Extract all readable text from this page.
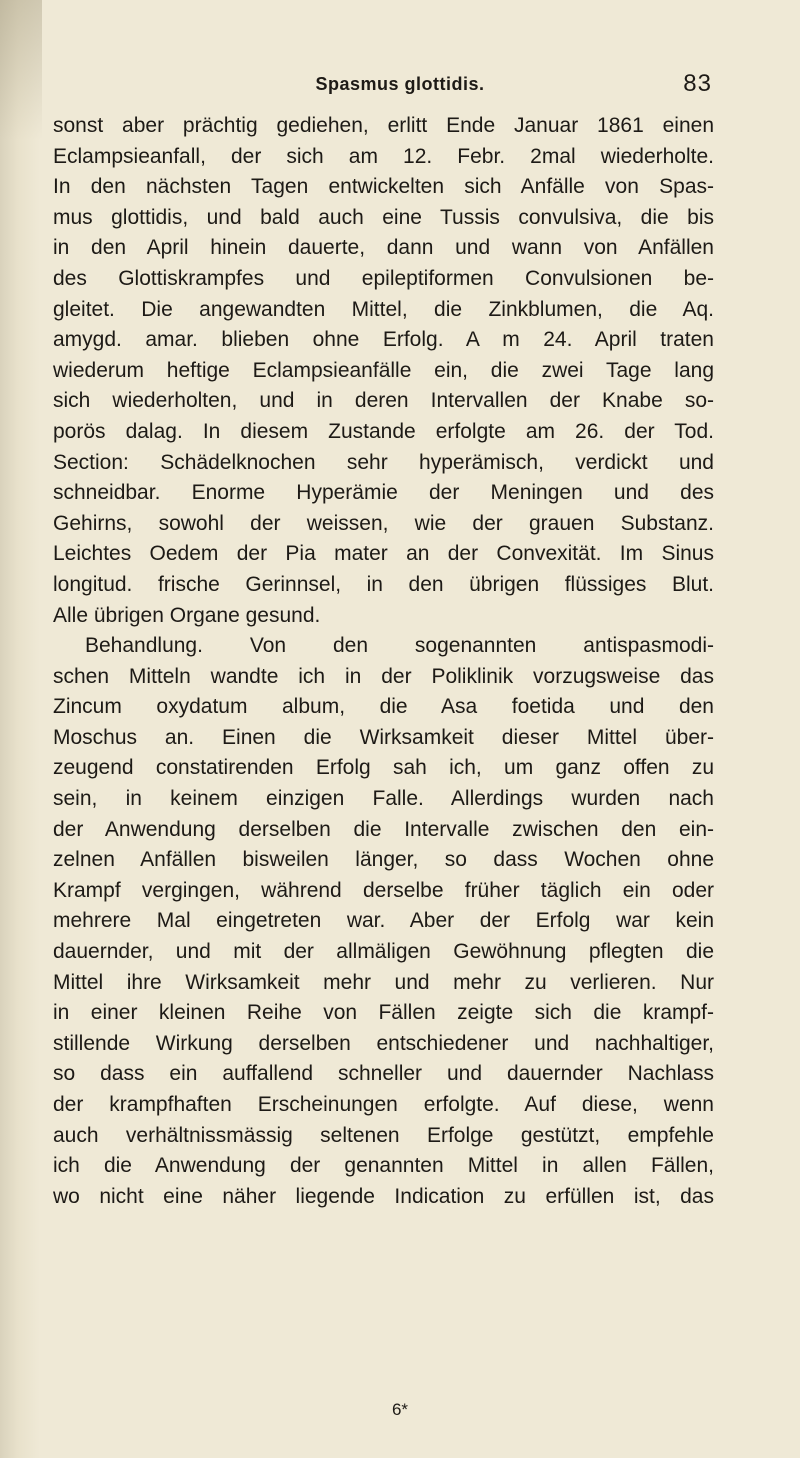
Spasmus glottidis.	83
sonst aber prächtig gediehen, erlitt Ende Januar 1861 einen
Eclampsieanfall, der sich am 12. Febr. 2mal wiederholte.
In den nächsten Tagen entwickelten sich Anfälle von Spas-
mus glottidis, und bald auch eine Tussis convulsiva, die bis
in den April hinein dauerte, dann und wann von Anfällen
des Glottiskrampfes und epileptiformen Convulsionen be-
gleitet. Die angewandten Mittel, die Zinkblumen, die Aq.
amygd. amar. blieben ohne Erfolg. A m 24. April traten
wiederum heftige Eclampsieanfälle ein, die zwei Tage lang
sich wiederholten, und in deren Intervallen der Knabe so-
porös dalag. In diesem Zustande erfolgte am 26. der Tod.
Section: Schädelknochen sehr hyperämisch, verdickt und
schneidbar. Enorme Hyperämie der Meningen und des
Gehirns, sowohl der weissen, wie der grauen Substanz.
Leichtes Oedem der Pia mater an der Convexität. Im Sinus
longitud. frische Gerinnsel, in den übrigen flüssiges Blut.
Alle übrigen Organe gesund.
Behandlung. Von den sogenannten antispasmodi-
schen Mitteln wandte ich in der Poliklinik vorzugsweise das
Zincum oxydatum album, die Asa foetida und den
Moschus an. Einen die Wirksamkeit dieser Mittel über-
zeugend constatirenden Erfolg sah ich, um ganz offen zu
sein, in keinem einzigen Falle. Allerdings wurden nach
der Anwendung derselben die Intervalle zwischen den ein-
zelnen Anfällen bisweilen länger, so dass Wochen ohne
Krampf vergingen, während derselbe früher täglich ein oder
mehrere Mal eingetreten war. Aber der Erfolg war kein
dauernder, und mit der allmäligen Gewöhnung pflegten die
Mittel ihre Wirksamkeit mehr und mehr zu verlieren. Nur
in einer kleinen Reihe von Fällen zeigte sich die krampf-
stillende Wirkung derselben entschiedener und nachhaltiger,
so dass ein auffallend schneller und dauernder Nachlass
der krampfhaften Erscheinungen erfolgte. Auf diese, wenn
auch verhältnissmässig seltenen Erfolge gestützt, empfehle
ich die Anwendung der genannten Mittel in allen Fällen,
wo nicht eine näher liegende Indication zu erfüllen ist, das
6*
